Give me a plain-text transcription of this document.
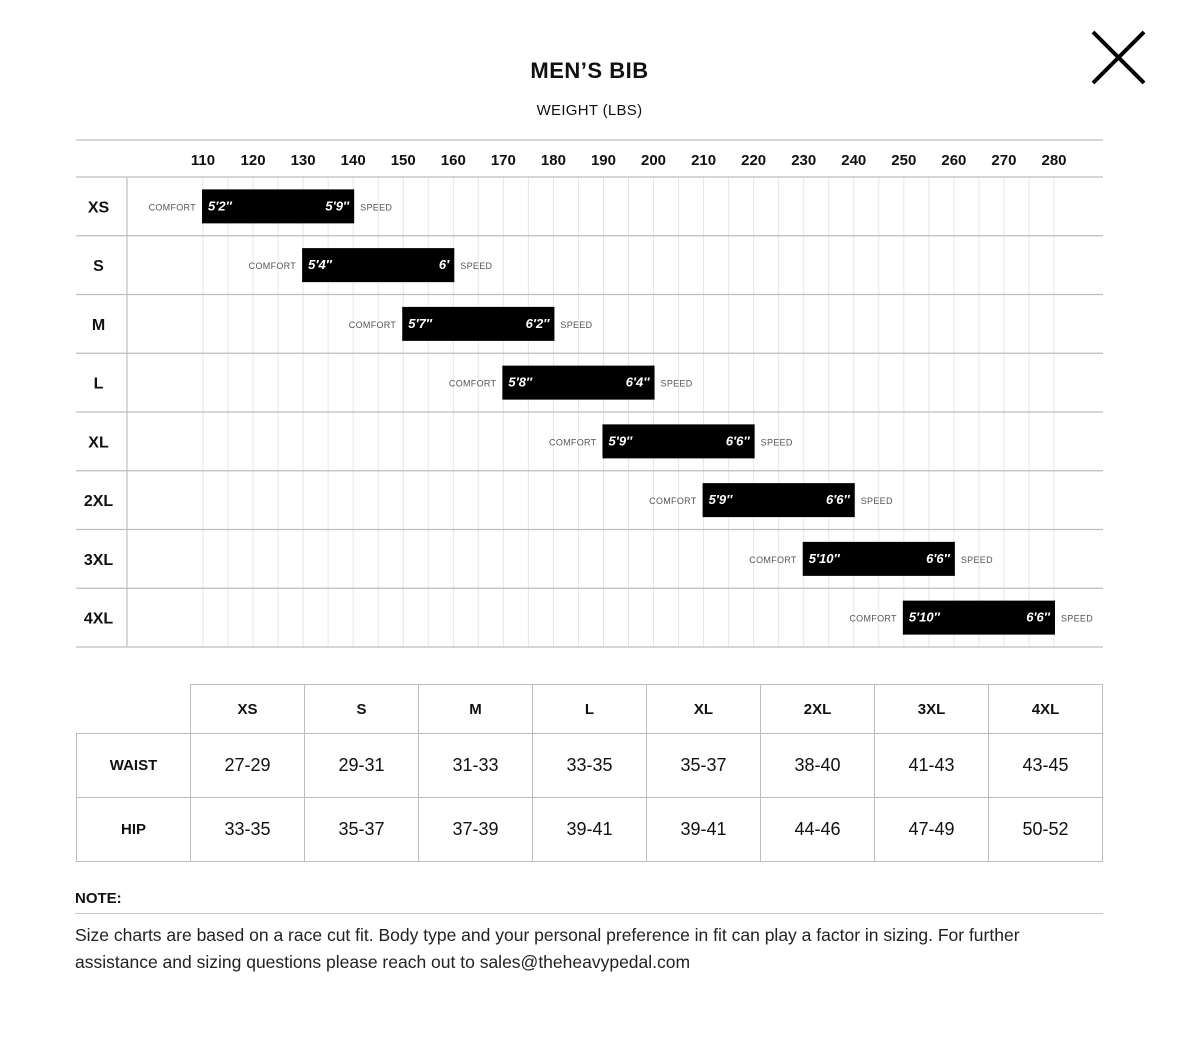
MEN’S BIB
WEIGHT (LBS)
110 120 130 140 150 160 170 180 190 200 210 220 230 240 250 260 270 280
XS	5′2″	5′9″
COMFORT	SPEED
S	5′4″	6′
COMFORT	SPEED
M	5′7″	6′2″
COMFORT	SPEED
L	5′8″	6′4″
COMFORT	SPEED
XL	5′9″	6′6″
COMFORT	SPEED
2XL	5′9″	6′6″
COMFORT	SPEED
3XL	5′10″	6′6″
COMFORT	SPEED
4XL	5′10″	6′6″
COMFORT	SPEED
	XS	S	M	L	XL	2XL	3XL	4XL
WAIST	27-29	29-31	31-33	33-35	35-37	38-40	41-43	43-45
HIP	33-35	35-37	37-39	39-41	39-41	44-46	47-49	50-52
NOTE:
Size charts are based on a race cut fit. Body type and your personal preference in fit can play a factor in sizing. For further assistance and sizing questions please reach out to sales@theheavypedal.com
